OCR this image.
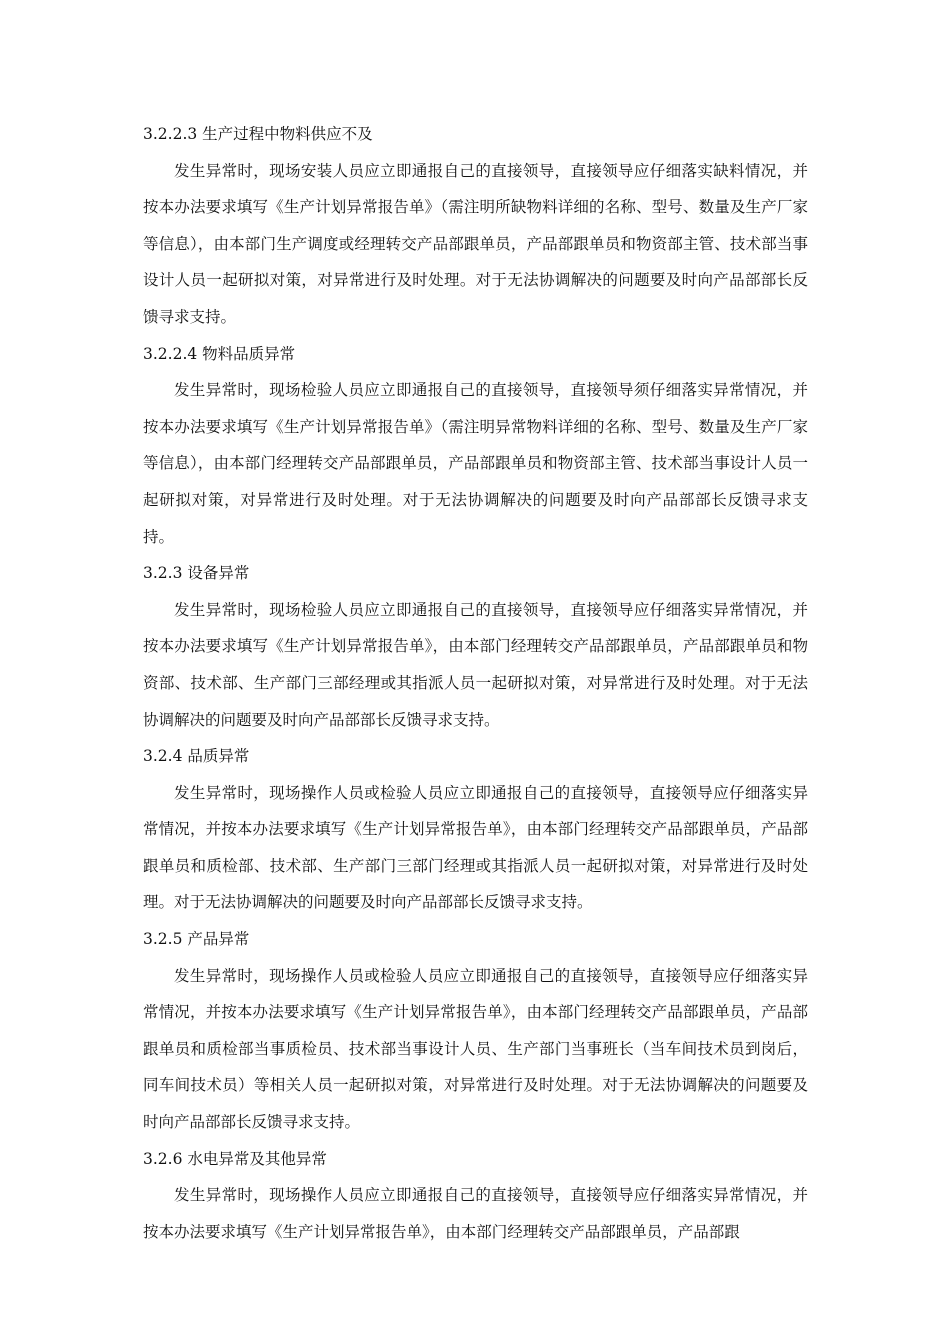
3.2.2.3 生产过程中物料供应不及

发生异常时，现场安装人员应立即通报自己的直接领导，直接领导应仔细落实缺料情况，并按本办法要求填写《生产计划异常报告单》（需注明所缺物料详细的名称、型号、数量及生产厂家等信息），由本部门生产调度或经理转交产品部跟单员，产品部跟单员和物资部主管、技术部当事设计人员一起研拟对策，对异常进行及时处理。对于无法协调解决的问题要及时向产品部部长反馈寻求支持。

3.2.2.4 物料品质异常

发生异常时，现场检验人员应立即通报自己的直接领导，直接领导须仔细落实异常情况，并按本办法要求填写《生产计划异常报告单》（需注明异常物料详细的名称、型号、数量及生产厂家等信息），由本部门经理转交产品部跟单员，产品部跟单员和物资部主管、技术部当事设计人员一起研拟对策，对异常进行及时处理。对于无法协调解决的问题要及时向产品部部长反馈寻求支持。

3.2.3 设备异常

发生异常时，现场检验人员应立即通报自己的直接领导，直接领导应仔细落实异常情况，并按本办法要求填写《生产计划异常报告单》，由本部门经理转交产品部跟单员，产品部跟单员和物资部、技术部、生产部门三部经理或其指派人员一起研拟对策，对异常进行及时处理。对于无法协调解决的问题要及时向产品部部长反馈寻求支持。

3.2.4 品质异常

发生异常时，现场操作人员或检验人员应立即通报自己的直接领导，直接领导应仔细落实异常情况，并按本办法要求填写《生产计划异常报告单》，由本部门经理转交产品部跟单员，产品部跟单员和质检部、技术部、生产部门三部门经理或其指派人员一起研拟对策，对异常进行及时处理。对于无法协调解决的问题要及时向产品部部长反馈寻求支持。

3.2.5 产品异常

发生异常时，现场操作人员或检验人员应立即通报自己的直接领导，直接领导应仔细落实异常情况，并按本办法要求填写《生产计划异常报告单》，由本部门经理转交产品部跟单员，产品部跟单员和质检部当事质检员、技术部当事设计人员、生产部门当事班长（当车间技术员到岗后，同车间技术员）等相关人员一起研拟对策，对异常进行及时处理。对于无法协调解决的问题要及时向产品部部长反馈寻求支持。

3.2.6 水电异常及其他异常

发生异常时，现场操作人员应立即通报自己的直接领导，直接领导应仔细落实异常情况，并按本办法要求填写《生产计划异常报告单》，由本部门经理转交产品部跟单员，产品部跟
